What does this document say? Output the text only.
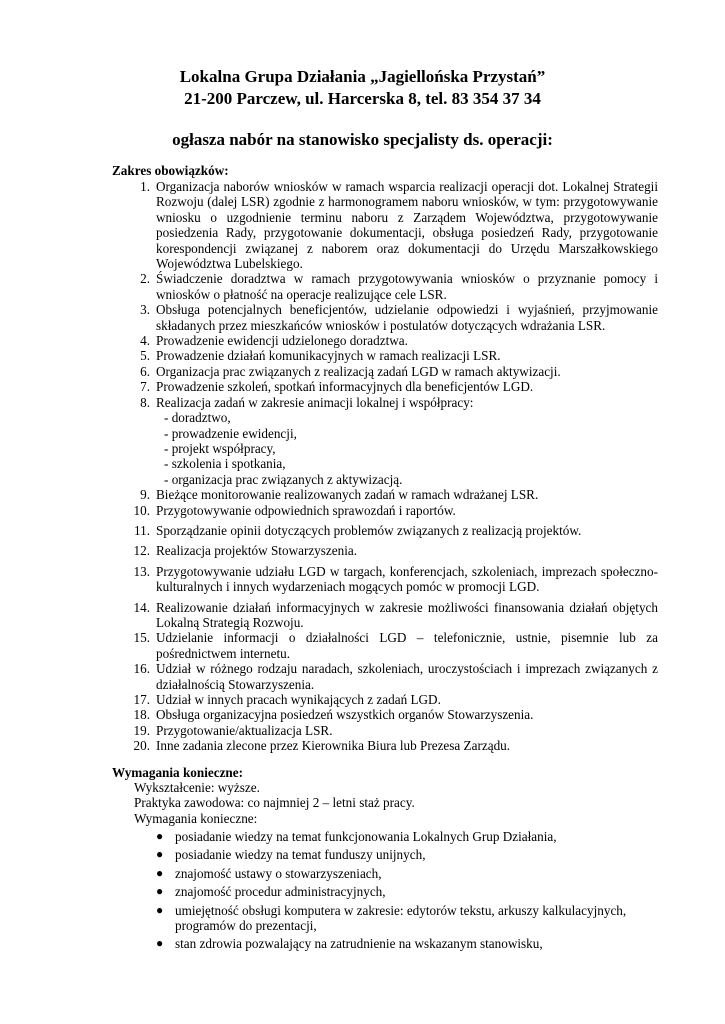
Lokalna Grupa Działania „Jagiellońska Przystań”
21-200 Parczew, ul. Harcerska 8, tel. 83 354 37 34
ogłasza nabór na stanowisko specjalisty ds. operacji:
Zakres obowiązków:
1. Organizacja naborów wniosków w ramach wsparcia realizacji operacji dot. Lokalnej Strategii Rozwoju (dalej LSR) zgodnie z harmonogramem naboru wniosków, w tym: przygotowywanie wniosku o uzgodnienie terminu naboru z Zarządem Województwa, przygotowywanie posiedzenia Rady, przygotowanie dokumentacji, obsługa posiedzeń Rady, przygotowanie korespondencji związanej z naborem oraz dokumentacji do Urzędu Marszałkowskiego Województwa Lubelskiego.
2. Świadczenie doradztwa w ramach przygotowywania wniosków o przyznanie pomocy i wniosków o płatność na operacje realizujące cele LSR.
3. Obsługa potencjalnych beneficjentów, udzielanie odpowiedzi i wyjaśnień, przyjmowanie składanych przez mieszkańców wniosków i postulatów dotyczących wdrażania LSR.
4. Prowadzenie ewidencji udzielonego doradztwa.
5. Prowadzenie działań komunikacyjnych w ramach realizacji LSR.
6. Organizacja prac związanych z realizacją zadań LGD w ramach aktywizacji.
7. Prowadzenie szkoleń, spotkań informacyjnych dla beneficjentów LGD.
8. Realizacja zadań w zakresie animacji lokalnej i współpracy:
- doradztwo,
- prowadzenie ewidencji,
- projekt współpracy,
- szkolenia i spotkania,
- organizacja prac związanych z aktywizacją.
9. Bieżące monitorowanie realizowanych zadań w ramach wdrażanej LSR.
10. Przygotowywanie odpowiednich sprawozdań i raportów.
11. Sporządzanie opinii dotyczących problemów związanych z realizacją projektów.
12. Realizacja projektów Stowarzyszenia.
13. Przygotowywanie udziału LGD w targach, konferencjach, szkoleniach, imprezach społeczno-kulturalnych i innych wydarzeniach mogących pomóc w promocji LGD.
14. Realizowanie działań informacyjnych w zakresie możliwości finansowania działań objętych Lokalną Strategią Rozwoju.
15. Udzielanie informacji o działalności LGD – telefonicznie, ustnie, pisemnie lub za pośrednictwem internetu.
16. Udział w różnego rodzaju naradach, szkoleniach, uroczystościach i imprezach związanych z działalnością Stowarzyszenia.
17. Udział w innych pracach wynikających z zadań LGD.
18. Obsługa organizacyjna posiedzeń wszystkich organów Stowarzyszenia.
19. Przygotowanie/aktualizacja LSR.
20. Inne zadania zlecone przez Kierownika Biura lub Prezesa Zarządu.
Wymagania konieczne:
Wykształcenie: wyższe.
Praktyka zawodowa: co najmniej 2 – letni staż pracy.
Wymagania konieczne:
● posiadanie wiedzy na temat funkcjonowania Lokalnych Grup Działania,
● posiadanie wiedzy na temat funduszy unijnych,
● znajomość ustawy o stowarzyszeniach,
● znajomość procedur administracyjnych,
● umiejętność obsługi komputera w zakresie: edytorów tekstu, arkuszy kalkulacyjnych, programów do prezentacji,
● stan zdrowia pozwalający na zatrudnienie na wskazanym stanowisku,
